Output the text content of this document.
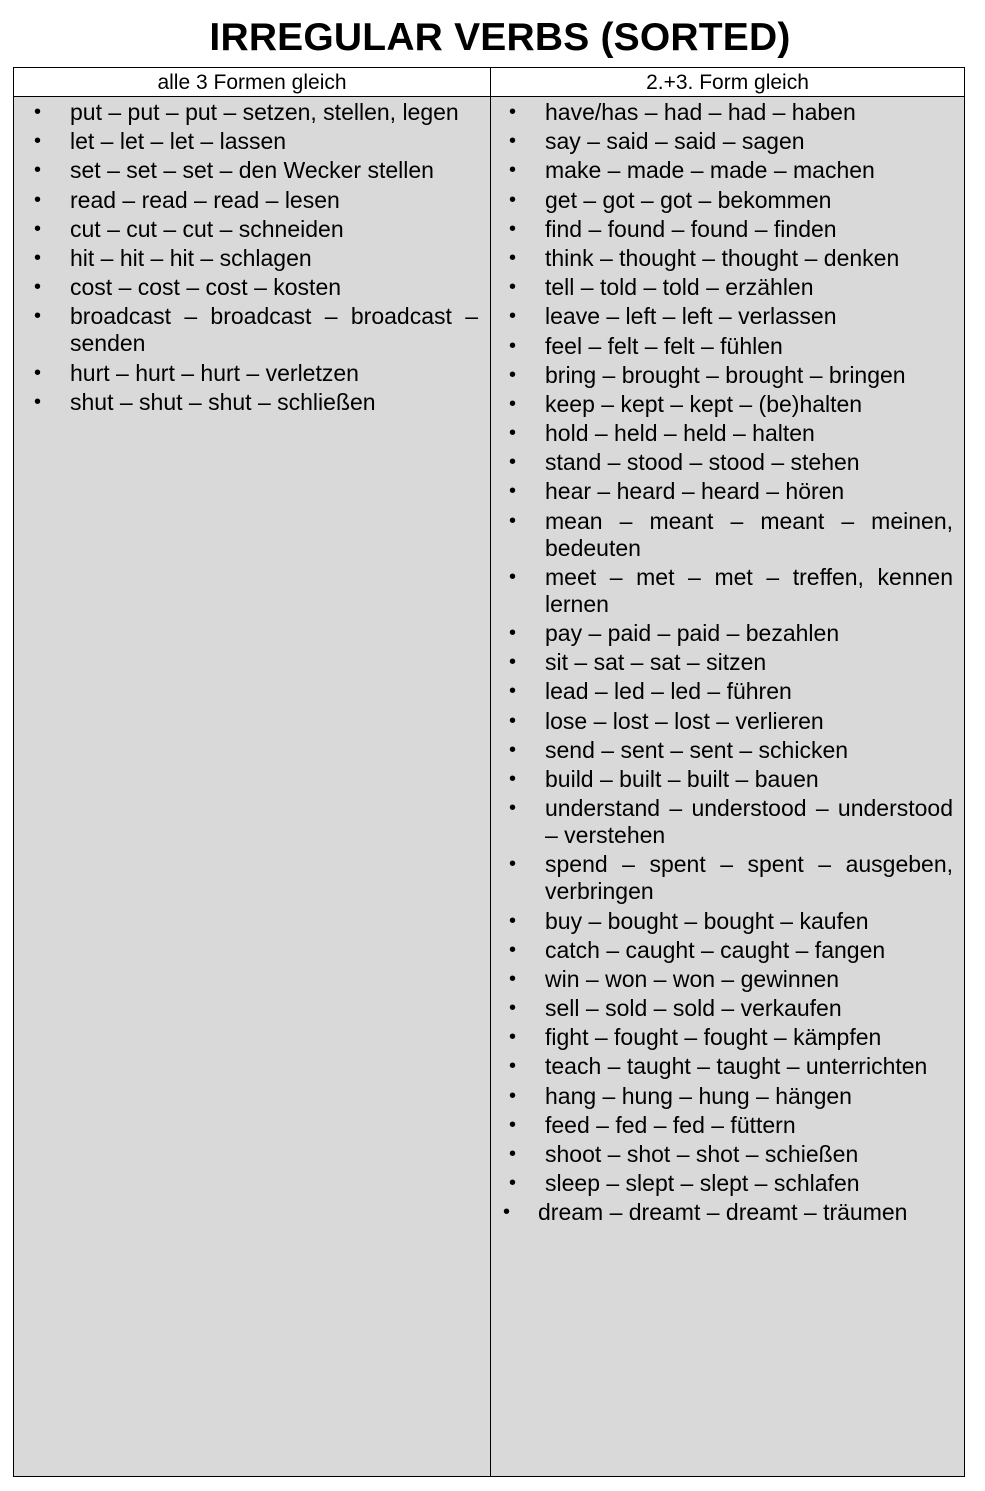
IRREGULAR VERBS (SORTED)
alle 3 Formen gleich
• put – put – put – setzen, stellen, legen
• let – let – let – lassen
• set – set – set – den Wecker stellen
• read – read – read – lesen
• cut – cut – cut – schneiden
• hit – hit – hit – schlagen
• cost – cost – cost – kosten
• broadcast – broadcast – broadcast – senden
• hurt – hurt – hurt – verletzen
• shut – shut – shut – schließen
2.+3. Form gleich
• have/has – had – had – haben
• say – said – said – sagen
• make – made – made – machen
• get – got – got – bekommen
• find – found – found – finden
• think – thought – thought – denken
• tell – told – told – erzählen
• leave – left – left – verlassen
• feel – felt – felt – fühlen
• bring – brought – brought – bringen
• keep – kept – kept – (be)halten
• hold – held – held – halten
• stand – stood – stood – stehen
• hear – heard – heard – hören
• mean – meant – meant – meinen, bedeuten
• meet – met – met – treffen, kennen lernen
• pay – paid – paid – bezahlen
• sit – sat – sat – sitzen
• lead – led – led – führen
• lose – lost – lost – verlieren
• send – sent – sent – schicken
• build – built – built – bauen
• understand – understood – understood – verstehen
• spend – spent – spent – ausgeben, verbringen
• buy – bought – bought – kaufen
• catch – caught – caught – fangen
• win – won – won – gewinnen
• sell – sold – sold – verkaufen
• fight – fought – fought – kämpfen
• teach – taught – taught – unterrichten
• hang – hung – hung – hängen
• feed – fed – fed – füttern
• shoot – shot – shot – schießen
• sleep – slept – slept – schlafen
• dream – dreamt – dreamt – träumen
